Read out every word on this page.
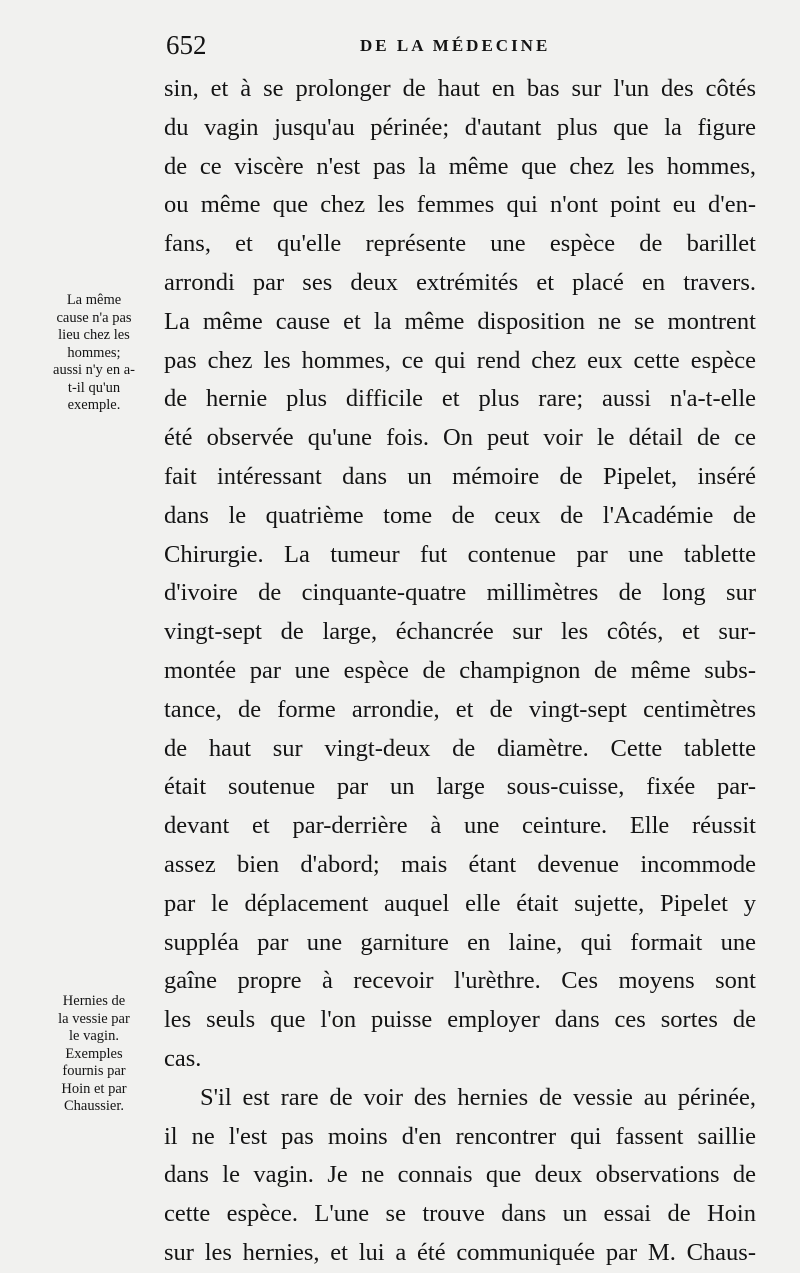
652	DE LA MÉDECINE
La même
cause n'a pas
lieu chez les
hommes;
aussi n'y en a-
t-il qu'un
exemple.
Hernies de
la vessie par
le vagin.
Exemples
fournis par
Hoin et par
Chaussier.
sin, et à se prolonger de haut en bas sur l'un des côtés
du vagin jusqu'au périnée; d'autant plus que la figure
de ce viscère n'est pas la même que chez les hommes,
ou même que chez les femmes qui n'ont point eu d'en-
fans, et qu'elle représente une espèce de barillet
arrondi par ses deux extrémités et placé en travers.
La même cause et la même disposition ne se montrent
pas chez les hommes, ce qui rend chez eux cette espèce
de hernie plus difficile et plus rare; aussi n'a-t-elle
été observée qu'une fois. On peut voir le détail de ce
fait intéressant dans un mémoire de Pipelet, inséré
dans le quatrième tome de ceux de l'Académie de
Chirurgie. La tumeur fut contenue par une tablette
d'ivoire de cinquante-quatre millimètres de long sur
vingt-sept de large, échancrée sur les côtés, et sur-
montée par une espèce de champignon de même subs-
tance, de forme arrondie, et de vingt-sept centimètres
de haut sur vingt-deux de diamètre. Cette tablette
était soutenue par un large sous-cuisse, fixée par-
devant et par-derrière à une ceinture. Elle réussit
assez bien d'abord; mais étant devenue incommode
par le déplacement auquel elle était sujette, Pipelet y
suppléa par une garniture en laine, qui formait une
gaîne propre à recevoir l'urèthre. Ces moyens sont
les seuls que l'on puisse employer dans ces sortes de
cas.
S'il est rare de voir des hernies de vessie au périnée,
il ne l'est pas moins d'en rencontrer qui fassent saillie
dans le vagin. Je ne connais que deux observations de
cette espèce. L'une se trouve dans un essai de Hoin
sur les hernies, et lui a été communiquée par M. Chaus-
